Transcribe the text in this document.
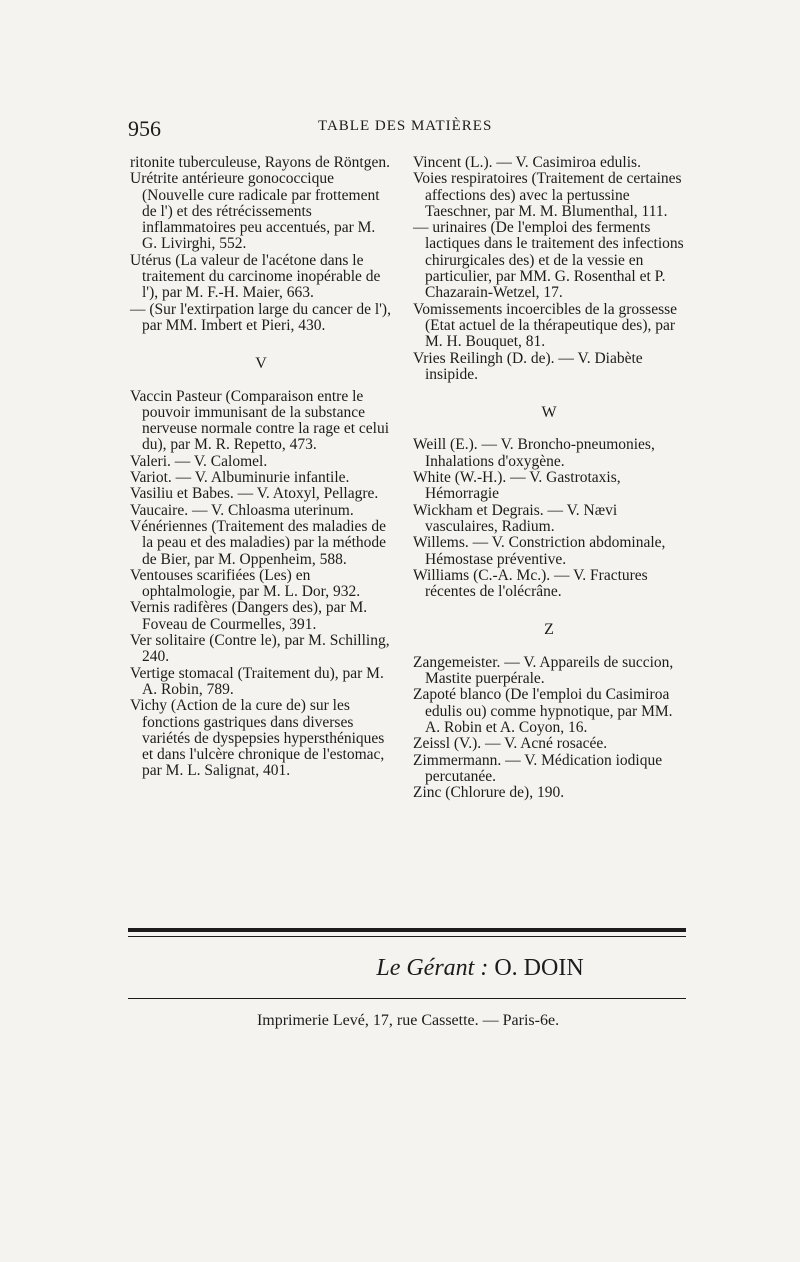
956	TABLE DES MATIÈRES
ritonite tuberculeuse, Rayons de Röntgen.
Urétrite antérieure gonococcique (Nouvelle cure radicale par frottement de l') et des rétrécissements inflammatoires peu accentués, par M. G. Livirghi, 552.
Utérus (La valeur de l'acétone dans le traitement du carcinome inopérable de l'), par M. F.-H. Maier, 663.
— (Sur l'extirpation large du cancer de l'), par MM. Imbert et Pieri, 430.
V
Vaccin Pasteur (Comparaison entre le pouvoir immunisant de la substance nerveuse normale contre la rage et celui du), par M. R. Repetto, 473.
Valeri. — V. Calomel.
Variot. — V. Albuminurie infantile.
Vasiliu et Babes. — V. Atoxyl, Pellagre.
Vaucaire. — V. Chloasma uterinum.
Vénériennes (Traitement des maladies de la peau et des maladies) par la méthode de Bier, par M. Oppenheim, 588.
Ventouses scarifiées (Les) en ophtalmologie, par M. L. Dor, 932.
Vernis radifères (Dangers des), par M. Foveau de Courmelles, 391.
Ver solitaire (Contre le), par M. Schilling, 240.
Vertige stomacal (Traitement du), par M. A. Robin, 789.
Vichy (Action de la cure de) sur les fonctions gastriques dans diverses variétés de dyspepsies hypersthéniques et dans l'ulcère chronique de l'estomac, par M. L. Salignat, 401.
Vincent (L.). — V. Casimiroa edulis.
Voies respiratoires (Traitement de certaines affections des) avec la pertussine Taeschner, par M. M. Blumenthal, 111.
— urinaires (De l'emploi des ferments lactiques dans le traitement des infections chirurgicales des) et de la vessie en particulier, par MM. G. Rosenthal et P. Chazarain-Wetzel, 17.
Vomissements incoercibles de la grossesse (Etat actuel de la thérapeutique des), par M. H. Bouquet, 81.
Vries Reilingh (D. de). — V. Diabète insipide.
W
Weill (E.). — V. Broncho-pneumonies, Inhalations d'oxygène.
White (W.-H.). — V. Gastrotaxis, Hémorragie
Wickham et Degrais. — V. Nævi vasculaires, Radium.
Willems. — V. Constriction abdominale, Hémostase préventive.
Williams (C.-A. Mc.). — V. Fractures récentes de l'olécrâne.
Z
Zangemeister. — V. Appareils de succion, Mastite puerpérale.
Zapoté blanco (De l'emploi du Casimiroa edulis ou) comme hypnotique, par MM. A. Robin et A. Coyon, 16.
Zeissl (V.). — V. Acné rosacée.
Zimmermann. — V. Médication iodique percutanée.
Zinc (Chlorure de), 190.
Le Gérant : O. DOIN
Imprimerie Levé, 17, rue Cassette. — Paris-6e.
